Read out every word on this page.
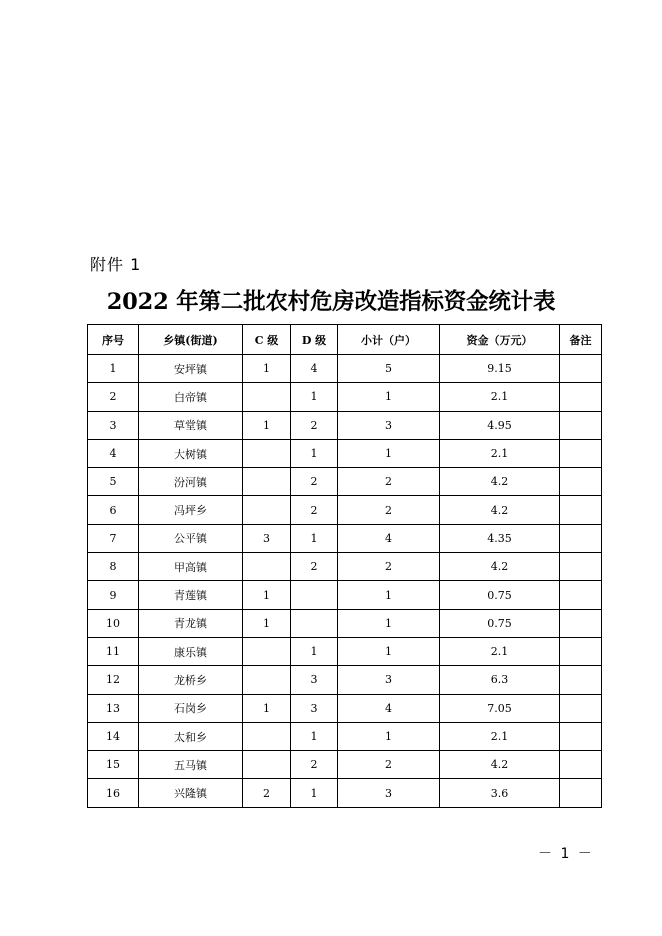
附件 1
2022 年第二批农村危房改造指标资金统计表
序号	乡镇(街道)	C 级	D 级	小计（户）	资金（万元）	备注
1	安坪镇	1	4	5	9.15	
2	白帝镇		1	1	2.1	
3	草堂镇	1	2	3	4.95	
4	大树镇		1	1	2.1	
5	汾河镇		2	2	4.2	
6	冯坪乡		2	2	4.2	
7	公平镇	3	1	4	4.35	
8	甲高镇		2	2	4.2	
9	青莲镇	1		1	0.75	
10	青龙镇	1		1	0.75	
11	康乐镇		1	1	2.1	
12	龙桥乡		3	3	6.3	
13	石岗乡	1	3	4	7.05	
14	太和乡		1	1	2.1	
15	五马镇		2	2	4.2	
16	兴隆镇	2	1	3	3.6	
－ 1 －
